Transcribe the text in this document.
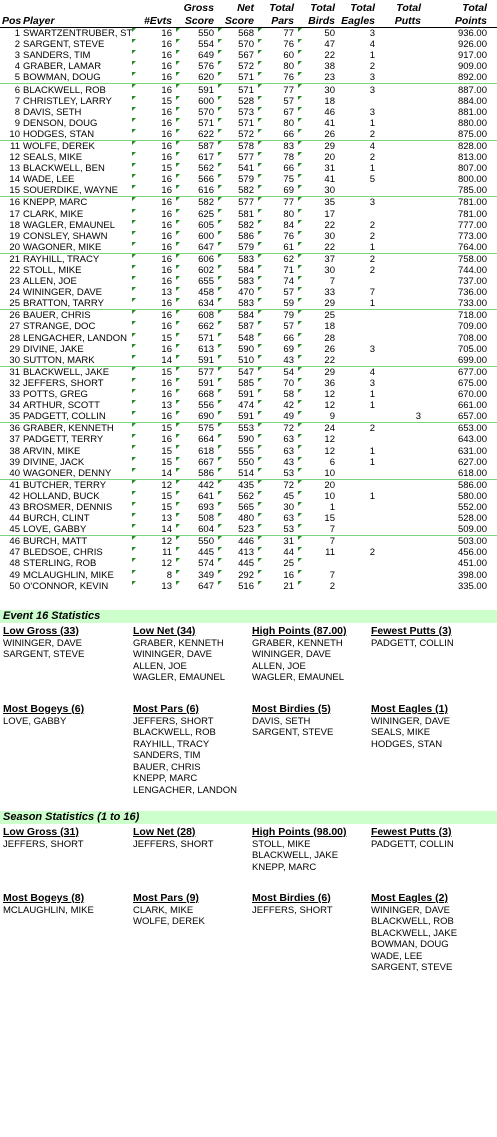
			Gross	Net	Total	Total	Total	Total	Total
Pos	Player	#Evts	Score	Score	Pars	Birds	Eagles	Putts	Points
1	SWARTZENTRUBER, ST	16	550	568	77	50	3		936.00
2	SARGENT, STEVE	16	554	570	76	47	4		926.00
3	SANDERS, TIM	16	649	567	60	22	1		917.00
4	GRABER, LAMAR	16	576	572	80	38	2		909.00
5	BOWMAN, DOUG	16	620	571	76	23	3		892.00
6	BLACKWELL, ROB	16	591	571	77	30	3		887.00
7	CHRISTLEY, LARRY	15	600	528	57	18			884.00
8	DAVIS, SETH	16	570	573	67	46	3		881.00
9	DENSON, DOUG	16	571	571	80	41	1		880.00
10	HODGES, STAN	16	622	572	66	26	2		875.00
11	WOLFE, DEREK	16	587	578	83	29	4		828.00
12	SEALS, MIKE	16	617	577	78	20	2		813.00
13	BLACKWELL, BEN	15	562	541	66	31	1		807.00
14	WADE, LEE	16	566	579	75	41	5		800.00
15	SOUERDIKE, WAYNE	16	616	582	69	30			785.00
16	KNEPP, MARC	16	582	577	77	35	3		781.00
17	CLARK, MIKE	16	625	581	80	17			781.00
18	WAGLER, EMAUNEL	16	605	582	84	22	2		777.00
19	CONSLEY, SHAWN	16	600	586	76	30	2		773.00
20	WAGONER, MIKE	16	647	579	61	22	1		764.00
21	RAYHILL, TRACY	16	606	583	62	37	2		758.00
22	STOLL, MIKE	16	602	584	71	30	2		744.00
23	ALLEN, JOE	16	655	583	74	7			737.00
24	WININGER, DAVE	13	458	470	57	33	7		736.00
25	BRATTON, TARRY	16	634	583	59	29	1		733.00
26	BAUER, CHRIS	16	608	584	79	25			718.00
27	STRANGE, DOC	16	662	587	57	18			709.00
28	LENGACHER, LANDON	15	571	548	66	28			708.00
29	DIVINE, JAKE	16	613	590	69	26	3		705.00
30	SUTTON, MARK	14	591	510	43	22			699.00
31	BLACKWELL, JAKE	15	577	547	54	29	4		677.00
32	JEFFERS, SHORT	16	591	585	70	36	3		675.00
33	POTTS, GREG	16	668	591	58	12	1		670.00
34	ARTHUR, SCOTT	13	556	474	42	12	1		661.00
35	PADGETT, COLLIN	16	690	591	49	9		3	657.00
36	GRABER, KENNETH	15	575	553	72	24	2		653.00
37	PADGETT, TERRY	16	664	590	63	12			643.00
38	ARVIN, MIKE	15	618	555	63	12	1		631.00
39	DIVINE, JACK	15	667	550	43	6	1		627.00
40	WAGONER, DENNY	14	586	514	53	10			618.00
41	BUTCHER, TERRY	12	442	435	72	20			586.00
42	HOLLAND, BUCK	15	641	562	45	10	1		580.00
43	BROSMER, DENNIS	15	693	565	30	1			552.00
44	BURCH, CLINT	13	508	480	63	15			528.00
45	LOVE, GABBY	14	604	523	53	7			509.00
46	BURCH, MATT	12	550	446	31	7			503.00
47	BLEDSOE, CHRIS	11	445	413	44	11	2		456.00
48	STERLING, ROB	12	574	445	25				451.00
49	MCLAUGHLIN, MIKE	8	349	292	16	7			398.00
50	O'CONNOR, KEVIN	13	647	516	21	2			335.00
Event 16 Statistics
Low Gross (33)
WININGER, DAVE
SARGENT, STEVE
Low Net (34)
GRABER, KENNETH
WININGER, DAVE
ALLEN, JOE
WAGLER, EMAUNEL
High Points (87.00)
GRABER, KENNETH
WININGER, DAVE
ALLEN, JOE
WAGLER, EMAUNEL
Fewest Putts (3)
PADGETT, COLLIN
Most Bogeys (6)
LOVE, GABBY
Most Pars (6)
JEFFERS, SHORT
BLACKWELL, ROB
RAYHILL, TRACY
SANDERS, TIM
BAUER, CHRIS
KNEPP, MARC
LENGACHER, LANDON
Most Birdies (5)
DAVIS, SETH
SARGENT, STEVE
Most Eagles (1)
WININGER, DAVE
SEALS, MIKE
HODGES, STAN
Season Statistics (1 to 16)
Low Gross (31)
JEFFERS, SHORT
Low Net (28)
JEFFERS, SHORT
High Points (98.00)
STOLL, MIKE
BLACKWELL, JAKE
KNEPP, MARC
Fewest Putts (3)
PADGETT, COLLIN
Most Bogeys (8)
MCLAUGHLIN, MIKE
Most Pars (9)
CLARK, MIKE
WOLFE, DEREK
Most Birdies (6)
JEFFERS, SHORT
Most Eagles (2)
WININGER, DAVE
BLACKWELL, ROB
BLACKWELL, JAKE
BOWMAN, DOUG
WADE, LEE
SARGENT, STEVE
